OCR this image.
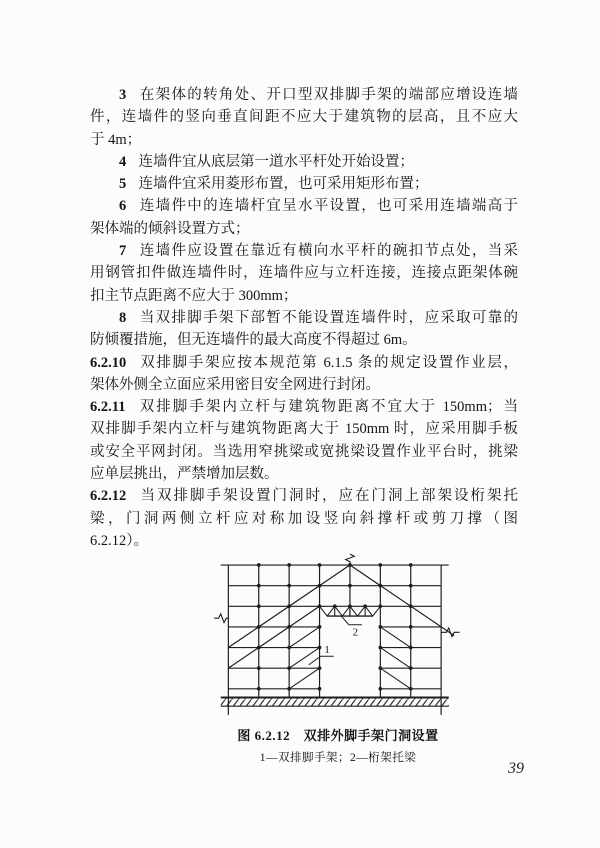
3 在架体的转角处、开口型双排脚手架的端部应增设连墙
件，连墙件的竖向垂直间距不应大于建筑物的层高，且不应大
于 4m；
4 连墙件宜从底层第一道水平杆处开始设置；
5 连墙件宜采用菱形布置，也可采用矩形布置；
6 连墙件中的连墙杆宜呈水平设置，也可采用连墙端高于
架体端的倾斜设置方式；
7 连墙件应设置在靠近有横向水平杆的碗扣节点处，当采
用钢管扣件做连墙件时，连墙件应与立杆连接，连接点距架体碗
扣主节点距离不应大于 300mm；
8 当双排脚手架下部暂不能设置连墙件时，应采取可靠的
防倾覆措施，但无连墙件的最大高度不得超过 6m。
6.2.10 双排脚手架应按本规范第 6.1.5 条的规定设置作业层，
架体外侧全立面应采用密目安全网进行封闭。
6.2.11 双排脚手架内立杆与建筑物距离不宜大于 150mm；当
双排脚手架内立杆与建筑物距离大于 150mm 时，应采用脚手板
或安全平网封闭。当选用窄挑梁或宽挑梁设置作业平台时，挑梁
应单层挑出，严禁增加层数。
6.2.12 当双排脚手架设置门洞时，应在门洞上部架设桁架托
梁，门洞两侧立杆应对称加设竖向斜撑杆或剪刀撑（图
6.2.12）。
1
2
图 6.2.12　双排外脚手架门洞设置
1—双排脚手架；2—桁架托梁
39
